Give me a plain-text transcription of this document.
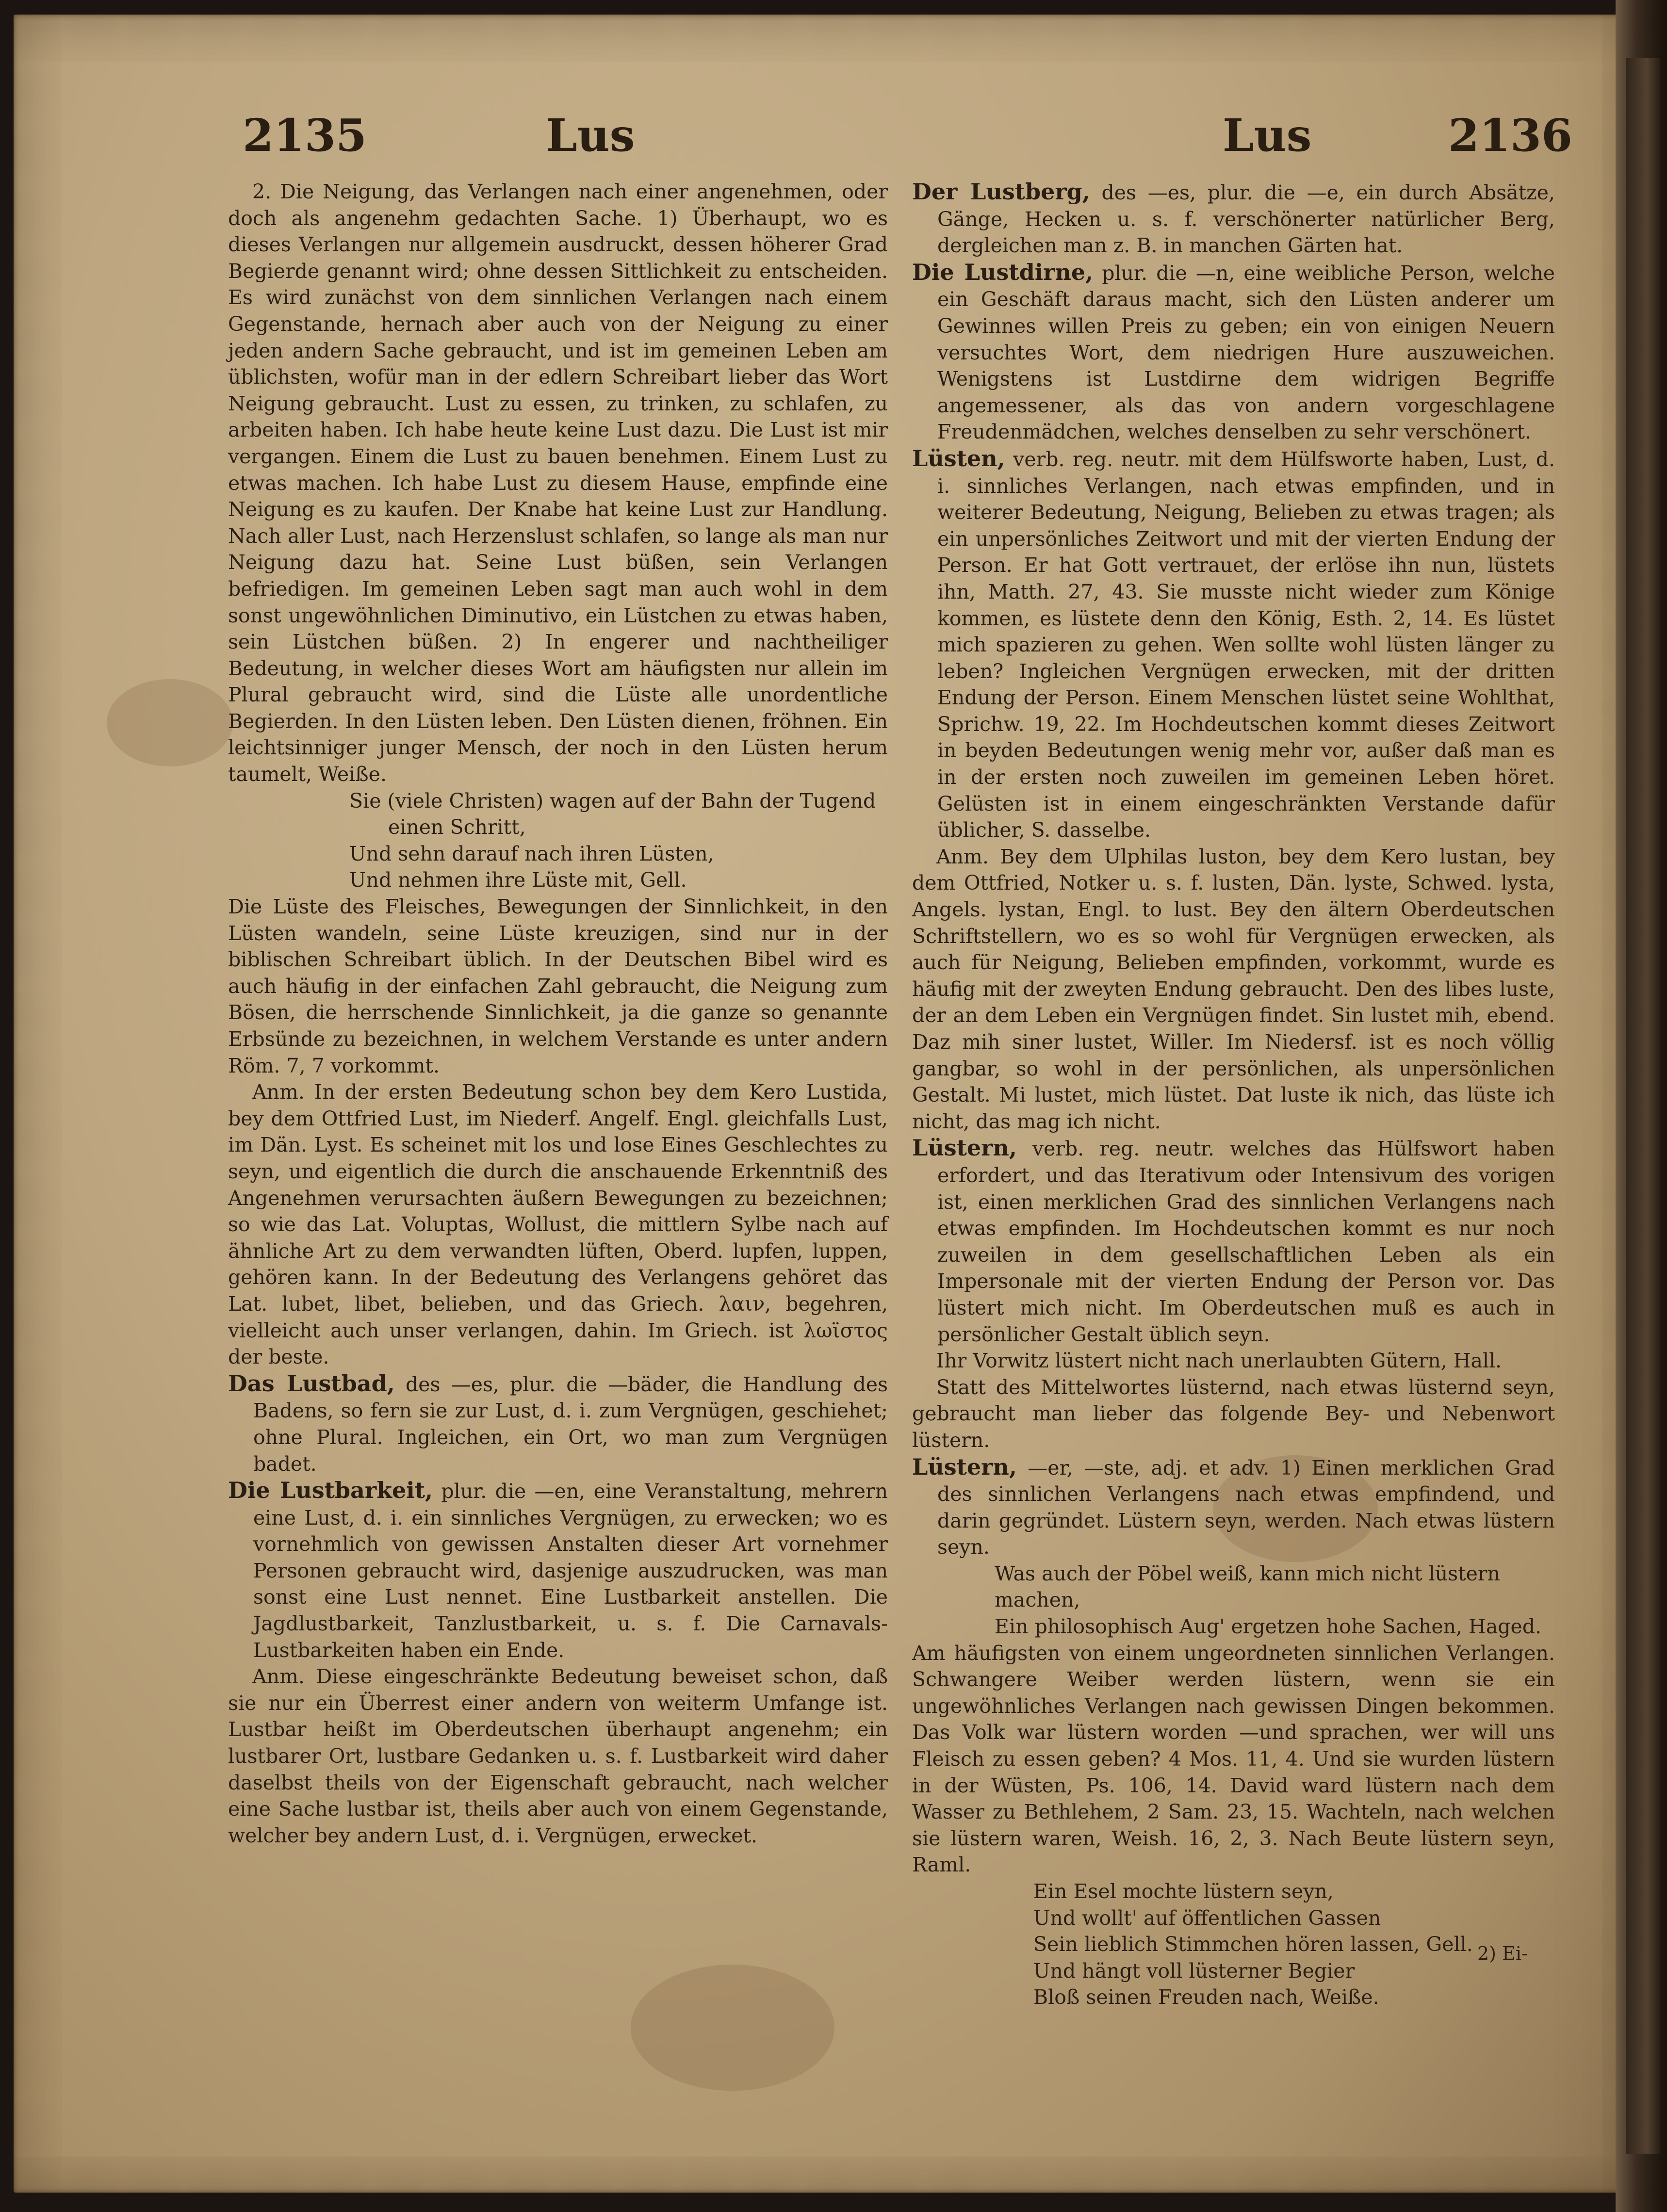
2135	Lus	Lus	2136

2. Die Neigung, das Verlangen nach einer angenehmen, oder doch als angenehm gedachten Sache. 1) Überhaupt, wo es dieses Verlangen nur allgemein ausdruckt, dessen höherer Grad Begierde genannt wird; ohne dessen Sittlichkeit zu entscheiden. Es wird zunächst von dem sinnlichen Verlangen nach einem Gegenstande, hernach aber auch von der Neigung zu einer jeden andern Sache gebraucht, und ist im gemeinen Leben am üblichsten, wofür man in der edlern Schreibart lieber das Wort Neigung gebraucht. Lust zu essen, zu trinken, zu schlafen, zu arbeiten haben. Ich habe heute keine Lust dazu. Die Lust ist mir vergangen. Einem die Lust zu bauen benehmen. Einem Lust zu etwas machen. Ich habe Lust zu diesem Hause, empfinde eine Neigung es zu kaufen. Der Knabe hat keine Lust zur Handlung. Nach aller Lust, nach Herzenslust schlafen, so lange als man nur Neigung dazu hat. Seine Lust büßen, sein Verlangen befriedigen. Im gemeinen Leben sagt man auch wohl in dem sonst ungewöhnlichen Diminutivo, ein Lüstchen zu etwas haben, sein Lüstchen büßen. 2) In engerer und nachtheiliger Bedeutung, in welcher dieses Wort am häufigsten nur allein im Plural gebraucht wird, sind die Lüste alle unordentliche Begierden. In den Lüsten leben. Den Lüsten dienen, fröhnen. Ein leichtsinniger junger Mensch, der noch in den Lüsten herum taumelt, Weiße.

Sie (viele Christen) wagen auf der Bahn der Tugend

einen Schritt,

Und sehn darauf nach ihren Lüsten,

Und nehmen ihre Lüste mit, Gell.

Die Lüste des Fleisches, Bewegungen der Sinnlichkeit, in den Lüsten wandeln, seine Lüste kreuzigen, sind nur in der biblischen Schreibart üblich. In der Deutschen Bibel wird es auch häufig in der einfachen Zahl gebraucht, die Neigung zum Bösen, die herrschende Sinnlichkeit, ja die ganze so genannte Erbsünde zu bezeichnen, in welchem Verstande es unter andern Röm. 7, 7 vorkommt.

Anm. In der ersten Bedeutung schon bey dem Kero Lustida, bey dem Ottfried Lust, im Niederf. Angelf. Engl. gleichfalls Lust, im Dän. Lyst. Es scheinet mit los und lose Eines Geschlechtes zu seyn, und eigentlich die durch die anschauende Erkenntniß des Angenehmen verursachten äußern Bewegungen zu bezeichnen; so wie das Lat. Voluptas, Wollust, die mittlern Sylbe nach auf ähnliche Art zu dem verwandten lüften, Oberd. lupfen, luppen, gehören kann. In der Bedeutung des Verlangens gehöret das Lat. lubet, libet, belieben, und das Griech. λαιν, begehren, vielleicht auch unser verlangen, dahin. Im Griech. ist λωϊστος der beste.

Das Lustbad, des —es, plur. die —bäder, die Handlung des Badens, so fern sie zur Lust, d. i. zum Vergnügen, geschiehet; ohne Plural. Ingleichen, ein Ort, wo man zum Vergnügen badet.

Die Lustbarkeit, plur. die —en, eine Veranstaltung, mehrern eine Lust, d. i. ein sinnliches Vergnügen, zu erwecken; wo es vornehmlich von gewissen Anstalten dieser Art vornehmer Personen gebraucht wird, dasjenige auszudrucken, was man sonst eine Lust nennet. Eine Lustbarkeit anstellen. Die Jagdlustbarkeit, Tanzlustbarkeit, u. s. f. Die Carnavals-Lustbarkeiten haben ein Ende.

Anm. Diese eingeschränkte Bedeutung beweiset schon, daß sie nur ein Überrest einer andern von weiterm Umfange ist. Lustbar heißt im Oberdeutschen überhaupt angenehm; ein lustbarer Ort, lustbare Gedanken u. s. f. Lustbarkeit wird daher daselbst theils von der Eigenschaft gebraucht, nach welcher eine Sache lustbar ist, theils aber auch von einem Gegenstande, welcher bey andern Lust, d. i. Vergnügen, erwecket.

Der Lustberg, des —es, plur. die —e, ein durch Absätze, Gänge, Hecken u. s. f. verschönerter natürlicher Berg, dergleichen man z. B. in manchen Gärten hat.

Die Lustdirne, plur. die —n, eine weibliche Person, welche ein Geschäft daraus macht, sich den Lüsten anderer um Gewinnes willen Preis zu geben; ein von einigen Neuern versuchtes Wort, dem niedrigen Hure auszuweichen. Wenigstens ist Lustdirne dem widrigen Begriffe angemessener, als das von andern vorgeschlagene Freudenmädchen, welches denselben zu sehr verschönert.

Lüsten, verb. reg. neutr. mit dem Hülfsworte haben, Lust, d. i. sinnliches Verlangen, nach etwas empfinden, und in weiterer Bedeutung, Neigung, Belieben zu etwas tragen; als ein unpersönliches Zeitwort und mit der vierten Endung der Person. Er hat Gott vertrauet, der erlöse ihn nun, lüstets ihn, Matth. 27, 43. Sie musste nicht wieder zum Könige kommen, es lüstete denn den König, Esth. 2, 14. Es lüstet mich spazieren zu gehen. Wen sollte wohl lüsten länger zu leben? Ingleichen Vergnügen erwecken, mit der dritten Endung der Person. Einem Menschen lüstet seine Wohlthat, Sprichw. 19, 22. Im Hochdeutschen kommt dieses Zeitwort in beyden Bedeutungen wenig mehr vor, außer daß man es in der ersten noch zuweilen im gemeinen Leben höret. Gelüsten ist in einem eingeschränkten Verstande dafür üblicher, S. dasselbe.

Anm. Bey dem Ulphilas luston, bey dem Kero lustan, bey dem Ottfried, Notker u. s. f. lusten, Dän. lyste, Schwed. lysta, Angels. lystan, Engl. to lust. Bey den ältern Oberdeutschen Schriftstellern, wo es so wohl für Vergnügen erwecken, als auch für Neigung, Belieben empfinden, vorkommt, wurde es häufig mit der zweyten Endung gebraucht. Den des libes luste, der an dem Leben ein Vergnügen findet. Sin lustet mih, ebend. Daz mih siner lustet, Willer. Im Niedersf. ist es noch völlig gangbar, so wohl in der persönlichen, als unpersönlichen Gestalt. Mi lustet, mich lüstet. Dat luste ik nich, das lüste ich nicht, das mag ich nicht.

Lüstern, verb. reg. neutr. welches das Hülfswort haben erfordert, und das Iterativum oder Intensivum des vorigen ist, einen merklichen Grad des sinnlichen Verlangens nach etwas empfinden. Im Hochdeutschen kommt es nur noch zuweilen in dem gesellschaftlichen Leben als ein Impersonale mit der vierten Endung der Person vor. Das lüstert mich nicht. Im Oberdeutschen muß es auch in persönlicher Gestalt üblich seyn.

Ihr Vorwitz lüstert nicht nach unerlaubten Gütern, Hall.

Statt des Mittelwortes lüsternd, nach etwas lüsternd seyn, gebraucht man lieber das folgende Bey- und Nebenwort lüstern.

Lüstern, —er, —ste, adj. et adv. 1) Einen merklichen Grad des sinnlichen Verlangens nach etwas empfindend, und darin gegründet. Lüstern seyn, werden. Nach etwas lüstern seyn.

Was auch der Pöbel weiß, kann mich nicht lüstern machen,

Ein philosophisch Aug' ergetzen hohe Sachen, Haged.

Am häufigsten von einem ungeordneten sinnlichen Verlangen. Schwangere Weiber werden lüstern, wenn sie ein ungewöhnliches Verlangen nach gewissen Dingen bekommen. Das Volk war lüstern worden —und sprachen, wer will uns Fleisch zu essen geben? 4 Mos. 11, 4. Und sie wurden lüstern in der Wüsten, Ps. 106, 14. David ward lüstern nach dem Wasser zu Bethlehem, 2 Sam. 23, 15. Wachteln, nach welchen sie lüstern waren, Weish. 16, 2, 3. Nach Beute lüstern seyn, Raml.

Ein Esel mochte lüstern seyn,

Und wollt' auf öffentlichen Gassen

Sein lieblich Stimmchen hören lassen, Gell.

Und hängt voll lüsterner Begier

Bloß seinen Freuden nach, Weiße.

2) Ei-
